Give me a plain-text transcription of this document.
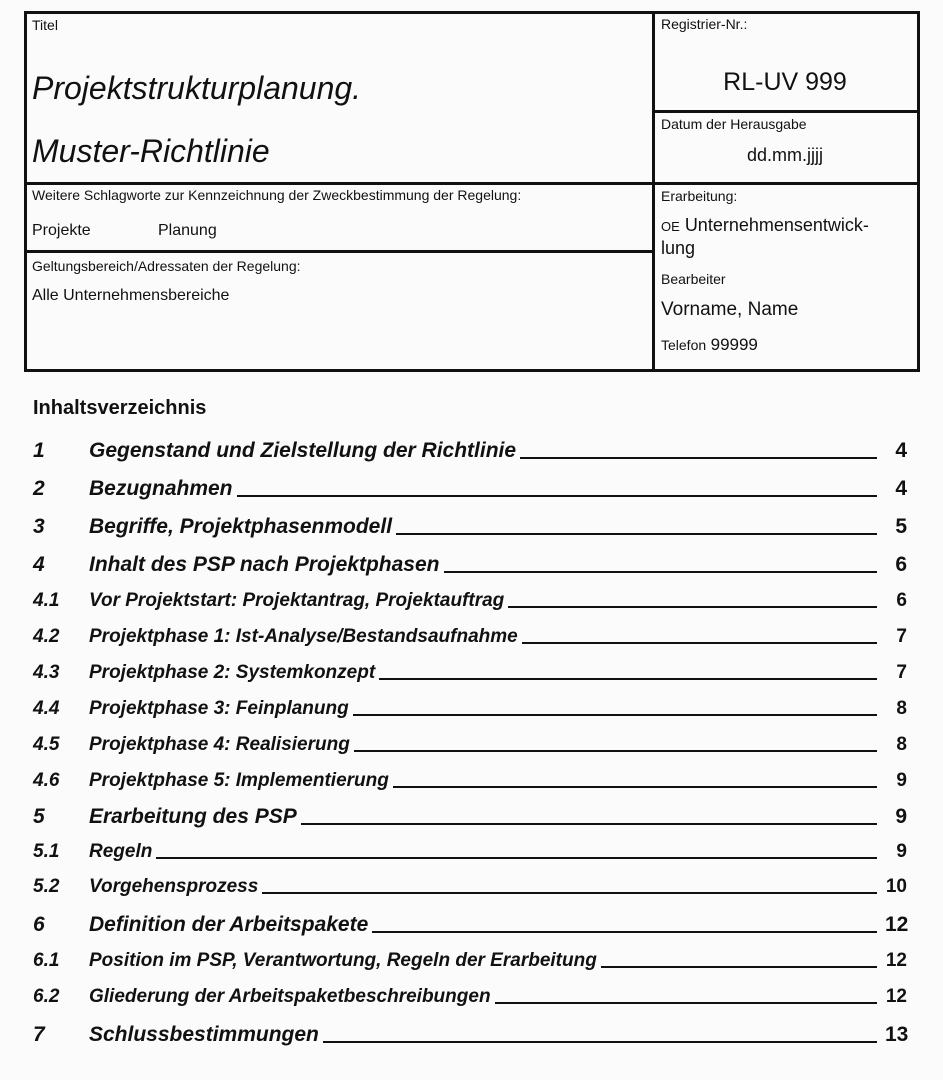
Titel
Projektstrukturplanung.
Muster-Richtlinie
Registrier-Nr.:
RL-UV 999
Datum der Herausgabe
dd.mm.jjjj
Weitere Schlagworte zur Kennzeichnung der Zweckbestimmung der Regelung:
Projekte	Planung
Geltungsbereich/Adressaten der Regelung:
Alle Unternehmensbereiche
Erarbeitung:
OE Unternehmensentwick-
lung
Bearbeiter
Vorname, Name
Telefon 99999
Inhaltsverzeichnis
1	Gegenstand und Zielstellung der Richtlinie	4
2	Bezugnahmen	4
3	Begriffe, Projektphasenmodell	5
4	Inhalt des PSP nach Projektphasen	6
4.1	Vor Projektstart: Projektantrag, Projektauftrag	6
4.2	Projektphase 1: Ist-Analyse/Bestandsaufnahme	7
4.3	Projektphase 2: Systemkonzept	7
4.4	Projektphase 3: Feinplanung	8
4.5	Projektphase 4: Realisierung	8
4.6	Projektphase 5: Implementierung	9
5	Erarbeitung des PSP	9
5.1	Regeln	9
5.2	Vorgehensprozess	10
6	Definition der Arbeitspakete	12
6.1	Position im PSP, Verantwortung, Regeln der Erarbeitung	12
6.2	Gliederung der Arbeitspaketbeschreibungen	12
7	Schlussbestimmungen	13
